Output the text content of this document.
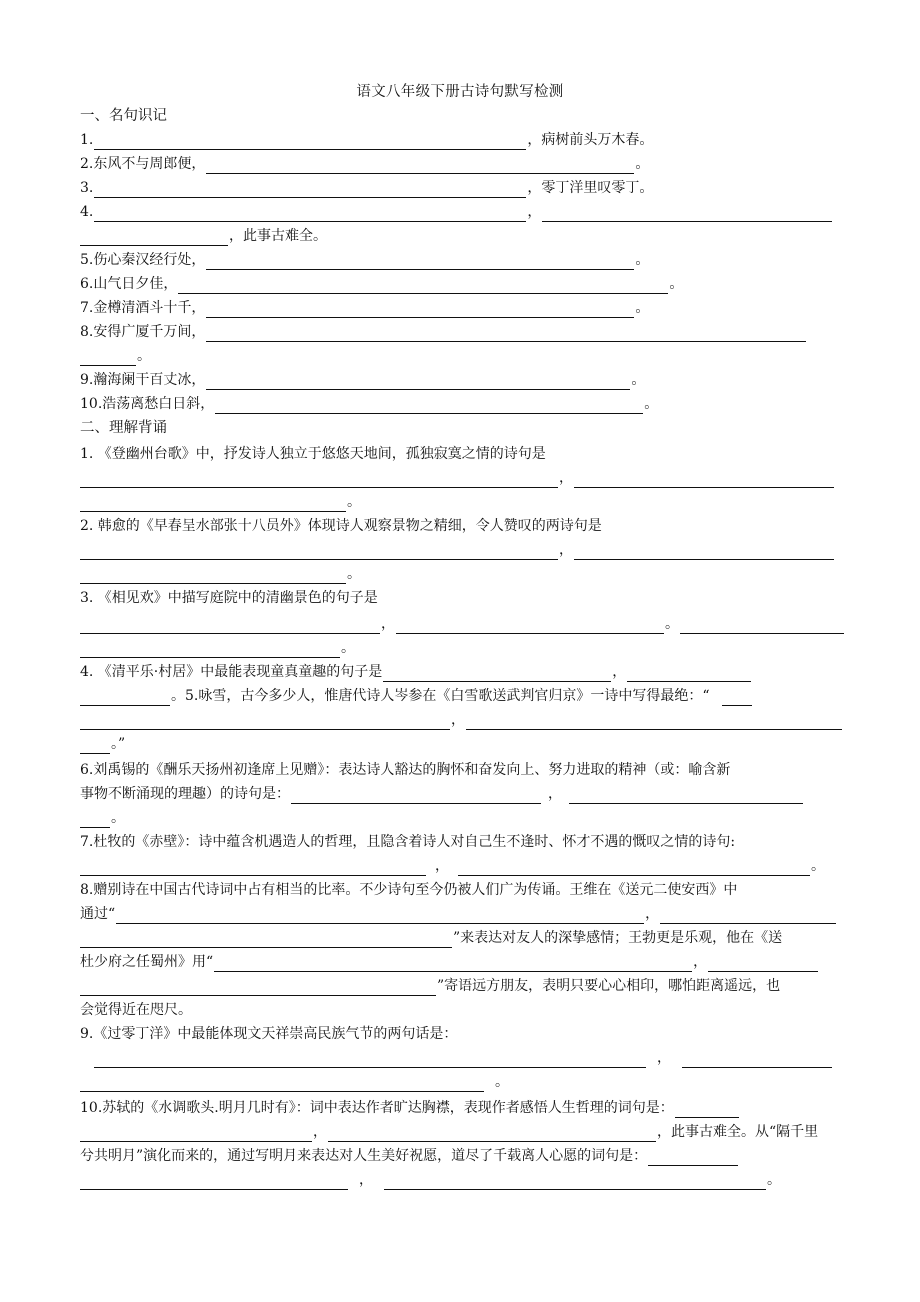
语文八年级下册古诗句默写检测
一、名句识记
1.	，病树前头万木春。
2. 东风不与周郎便，	。
3.	，零丁洋里叹零丁。
4.	，
，此事古难全。
5. 伤心秦汉经行处，	。
6. 山气日夕佳，	。
7. 金樽清酒斗十千，	。
8. 安得广厦千万间，
。
9. 瀚海阑干百丈冰，	。
10. 浩荡离愁白日斜，	。
二、理解背诵
1. 《登幽州台歌》中，抒发诗人独立于悠悠天地间，孤独寂寞之情的诗句是
，
。
2. 韩愈的《早春呈水部张十八员外》体现诗人观察景物之精细，令人赞叹的两诗句是
，
。
3. 《相见欢》中描写庭院中的清幽景色的句子是
，	。
。
4. 《清平乐·村居》中最能表现童真童趣的句子是	，
。5.咏雪，古今多少人，惟唐代诗人岑参在《白雪歌送武判官归京》一诗中写得最绝：“
，
。”
6.刘禹锡的《酬乐天扬州初逢席上见赠》：表达诗人豁达的胸怀和奋发向上、努力进取的精神（或：喻含新
事物不断涌现的理趣）的诗句是：	，
。
7.杜牧的《赤壁》：诗中蕴含机遇造人的哲理，且隐含着诗人对自己生不逢时、怀才不遇的慨叹之情的诗句:
，	。
8.赠别诗在中国古代诗词中占有相当的比率。不少诗句至今仍被人们广为传诵。王维在《送元二使安西》中
通过“	，
”来表达对友人的深挚感情；王勃更是乐观，他在《送
杜少府之任蜀州》用“	，
”寄语远方朋友，表明只要心心相印，哪怕距离遥远，也
会觉得近在咫尺。
9.《过零丁洋》中最能体现文天祥崇高民族气节的两句话是：
，
。
10.苏轼的《水调歌头.明月几时有》：词中表达作者旷达胸襟，表现作者感悟人生哲理的词句是：
，	，此事古难全。从“隔千里
兮共明月”演化而来的，通过写明月来表达对人生美好祝愿，道尽了千载离人心愿的词句是：
，	。
